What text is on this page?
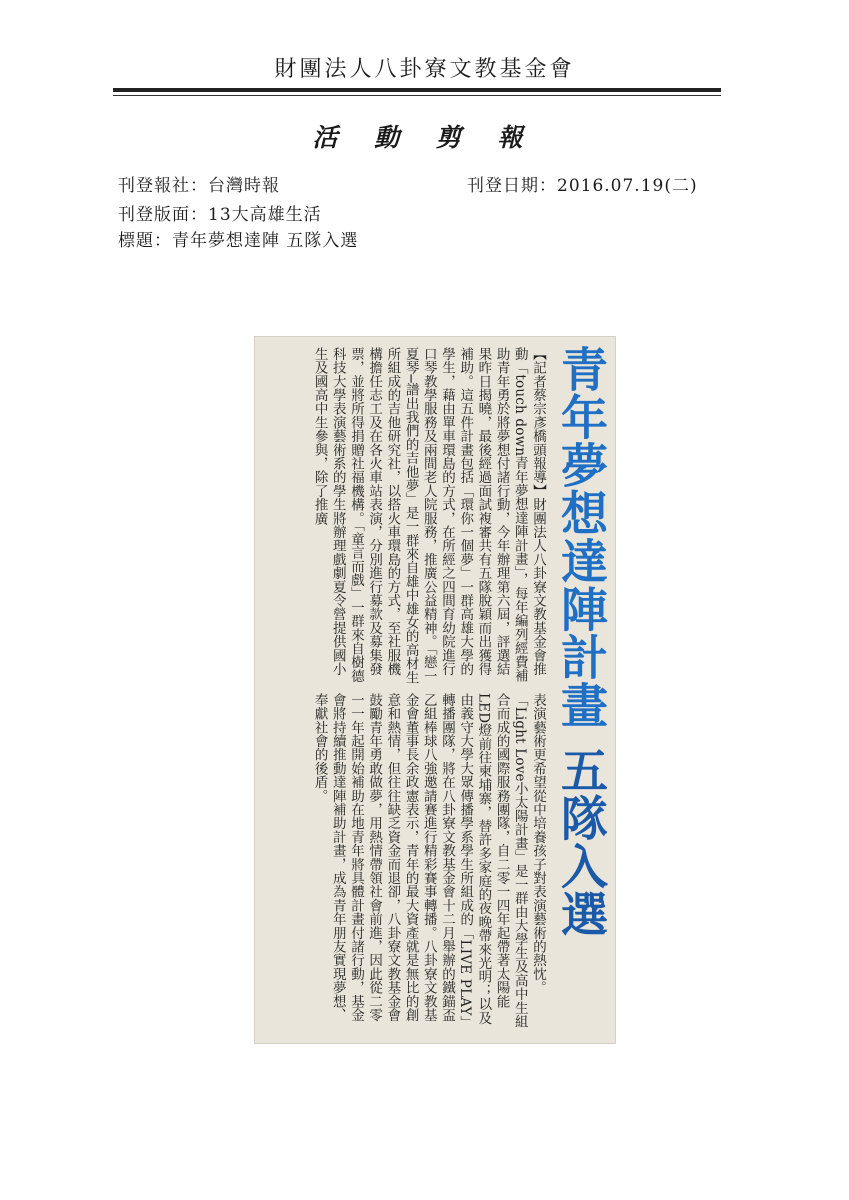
財團法人八卦寮文教基金會
活 動 剪 報
刊登報社：台灣時報	刊登日期：2016.07.19(二)
刊登版面：13大高雄生活
標題：青年夢想達陣 五隊入選
青年夢想達陣計畫 五隊入選
【記者蔡宗彥橋頭報導】財團法人八卦寮文教基金會推動「touch down青年夢想達陣計畫」，每年編列經費補助青年勇於將夢想付諸行動，今年辦理第六屆，評選結果昨日揭曉，最後經過面試複審共有五隊脫穎而出獲得補助。這五件計畫包括「環你一個夢」一群高雄大學的學生，藉由單車環島的方式，在所經之四間育幼院進行口琴教學服務及兩間老人院服務，推廣公益精神。「戀一夏琴─譜出我們的吉他夢」是一群來自雄中雄女的高材生所組成的吉他研究社，以搭火車環島的方式，至社服機構擔任志工及在各火車站表演，分別進行募款及募集發票，並將所得捐贈社福機構。「童言而戲」一群來自樹德科技大學表演藝術系的學生將辦理戲劇夏令營提供國小生及國高中生參與，除了推廣
表演藝術更希望從中培養孩子對表演藝術的熱忱。「Light Love小太陽計畫」是一群由大學生及高中生組合而成的國際服務團隊，自二零一四年起帶著太陽能LED燈前往柬埔寨，替許多家庭的夜晚帶來光明；以及由義守大學大眾傳播學系學生所組成的「LIVE PLAY」轉播團隊，將在八卦寮文教基金會十二月舉辦的鐵錨盃乙組棒球八強邀請賽進行精彩賽事轉播。八卦寮文教基金會董事長余政憲表示，青年的最大資產就是無比的創意和熱情，但往往缺乏資金而退卻，八卦寮文教基金會鼓勵青年勇敢做夢，用熱情帶領社會前進，因此從二零一一年起開始補助在地青年將具體計畫付諸行動，基金會將持續推動達陣補助計畫，成為青年朋友實現夢想、奉獻社會的後盾。
